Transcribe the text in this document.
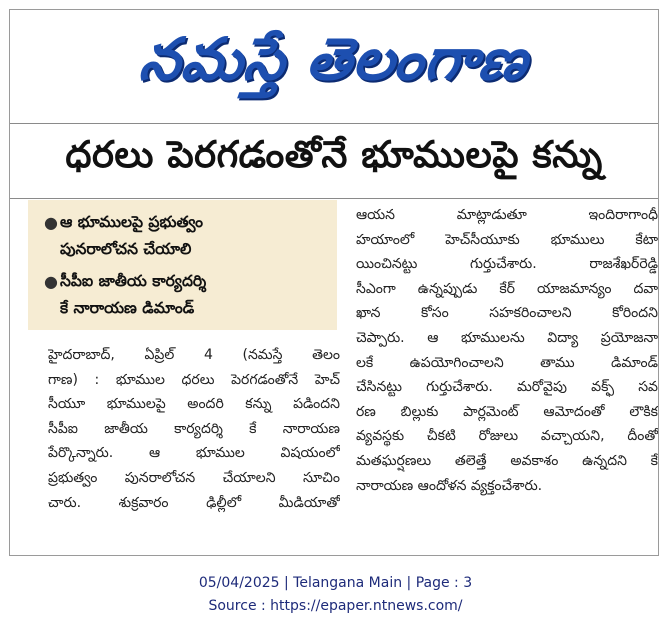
నమస్తే తెలంగాణ
ధరలు పెరగడంతోనే భూములపై కన్ను
● ఆ భూములపై ప్రభుత్వం
పునరాలోచన చేయాలి
● సీపీఐ జాతీయ కార్యదర్శి
కే నారాయణ డిమాండ్
హైదరాబాద్, ఏప్రిల్ 4 (నమస్తే తెలం
గాణ) : భూముల ధరలు పెరగడంతోనే హెచ్
సీయూ భూములపై అందరి కన్ను పడిందని
సీపీఐ జాతీయ కార్యదర్శి కే నారాయణ
పేర్కొన్నారు. ఆ భూముల విషయంలో
ప్రభుత్వం పునరాలోచన చేయాలని సూచిం
చారు. శుక్రవారం ఢిల్లీలో మీడియాతో
ఆయన మాట్లాడుతూ ఇందిరాగాంధీ
హయాంలో హెచ్‌సీయూకు భూములు కేటా
యించినట్టు గుర్తుచేశారు. రాజశేఖర్‌రెడ్డి
సీఎంగా ఉన్నప్పుడు కేర్ యాజమాన్యం దవా
ఖాన కోసం సహకరించాలని కోరిందని
చెప్పారు. ఆ భూములను విద్యా ప్రయోజనా
లకే ఉపయోగించాలని తాము డిమాండ్
చేసినట్టు గుర్తుచేశారు. మరోవైపు వక్ఫ్ సవ
రణ బిల్లుకు పార్లమెంట్ ఆమోదంతో లౌకిక
వ్యవస్థకు చీకటి రోజులు వచ్చాయని, దీంతో
మతఘర్షణలు తలెత్తే అవకాశం ఉన్నదని కే
నారాయణ ఆందోళన వ్యక్తంచేశారు.
05/04/2025 | Telangana Main | Page : 3
Source : https://epaper.ntnews.com/
